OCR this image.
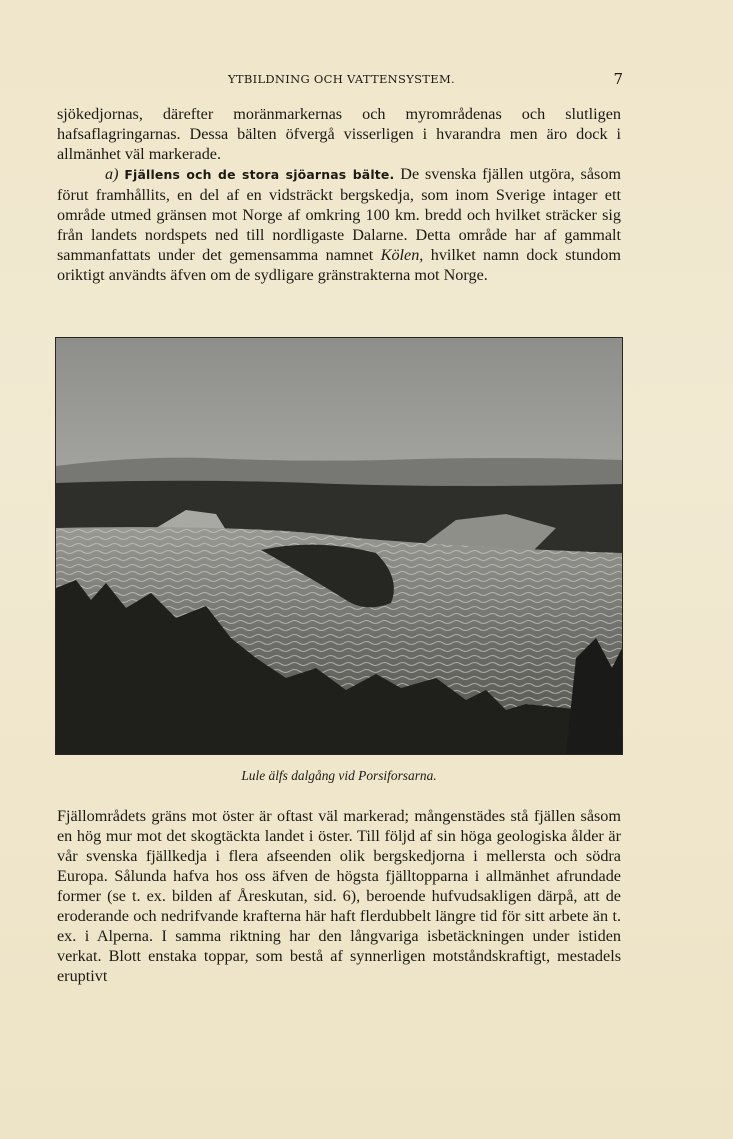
YTBILDNING OCH VATTENSYSTEM.	7

sjökedjornas, därefter moränmarkernas och myrområdenas och slutligen hafsaflagringarnas. Dessa bälten öfvergå visserligen i hvarandra men äro dock i allmänhet väl markerade.

a) Fjällens och de stora sjöarnas bälte. De svenska fjällen utgöra, såsom förut framhållits, en del af en vidsträckt bergskedja, som inom Sverige intager ett område utmed gränsen mot Norge af omkring 100 km. bredd och hvilket sträcker sig från landets nordspets ned till nordligaste Dalarne. Detta område har af gammalt sammanfattats under det gemensamma namnet Kölen, hvilket namn dock stundom oriktigt användts äfven om de sydligare gränstrakterna mot Norge.

Lule älfs dalgång vid Porsiforsarna.

Fjällområdets gräns mot öster är oftast väl markerad; mångenstädes stå fjällen såsom en hög mur mot det skogtäckta landet i öster. Till följd af sin höga geologiska ålder är vår svenska fjällkedja i flera afseenden olik bergskedjorna i mellersta och södra Europa. Sålunda hafva hos oss äfven de högsta fjälltopparna i allmänhet afrundade former (se t. ex. bilden af Åreskutan, sid. 6), beroende hufvudsakligen därpå, att de eroderande och nedrifvande krafterna här haft flerdubbelt längre tid för sitt arbete än t. ex. i Alperna. I samma riktning har den långvariga isbetäckningen under istiden verkat. Blott enstaka toppar, som bestå af synnerligen motståndskraftigt, mestadels eruptivt
